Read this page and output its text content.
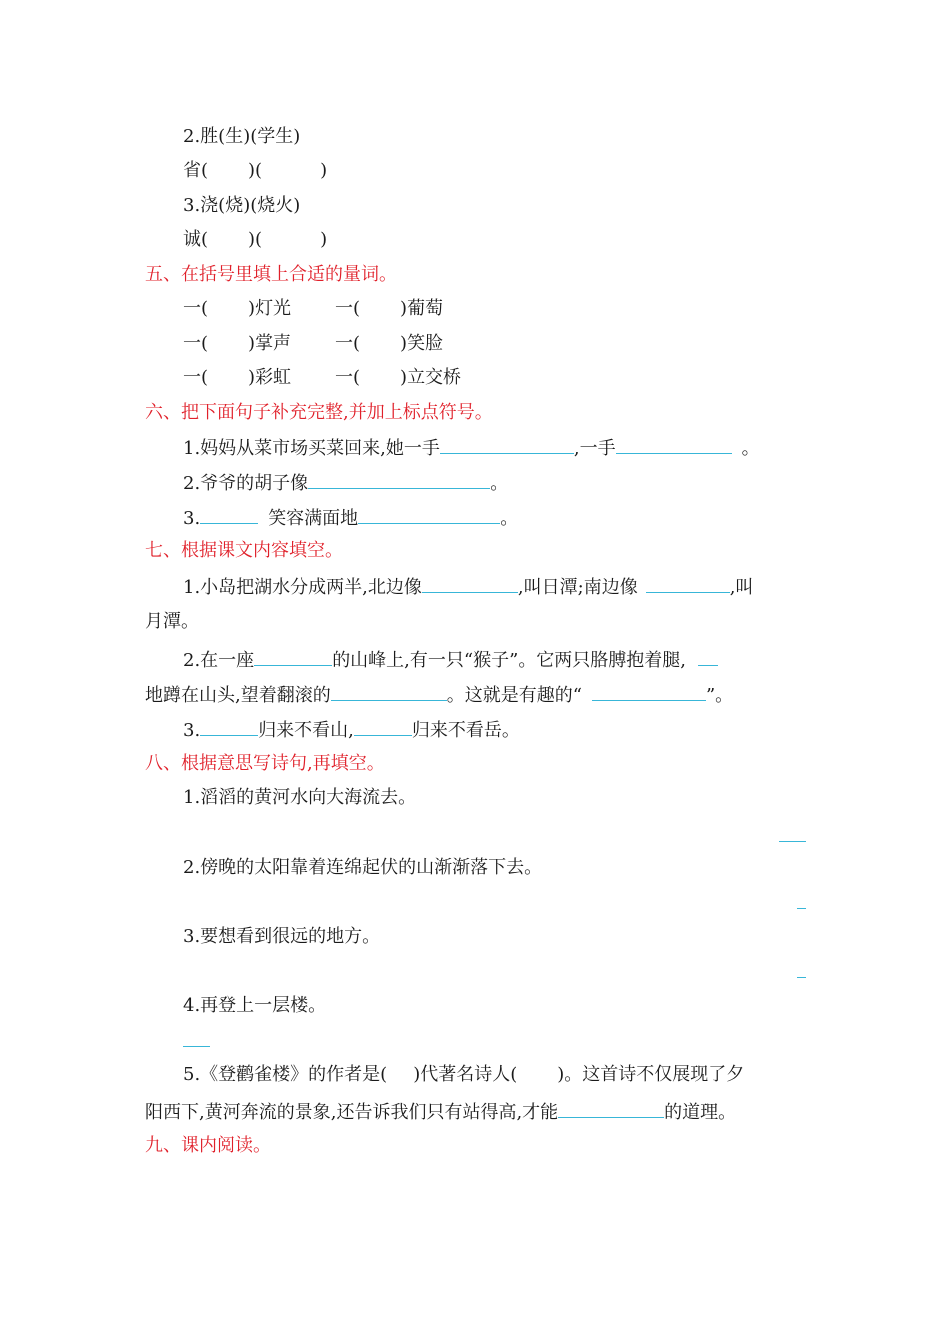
2.胜(生)(学生)
省( )(	)
3.浇(烧)(烧火)
诚( )(	)
五、在括号里填上合适的量词。
一( )灯光 一( )葡萄
一( )掌声 一( )笑脸
一( )彩虹 一( )立交桥
六、把下面句子补充完整,并加上标点符号。
1.妈妈从菜市场买菜回来,她一手	,一手	。
2.爷爷的胡子像	。
3.	笑容满面地	。
七、根据课文内容填空。
1.小岛把湖水分成两半,北边像	,叫日潭;南边像	,叫
月潭。
2.在一座	的山峰上,有一只“猴子”。它两只胳膊抱着腿,
地蹲在山头,望着翻滚的	。这就是有趣的“	”。
3.	归来不看山,	归来不看岳。
八、根据意思写诗句,再填空。
1.滔滔的黄河水向大海流去。
2.傍晚的太阳靠着连绵起伏的山渐渐落下去。
3.要想看到很远的地方。
4.再登上一层楼。
5.《登鹳雀楼》的作者是( )代著名诗人( )。这首诗不仅展现了夕
阳西下,黄河奔流的景象,还告诉我们只有站得高,才能	的道理。
九、课内阅读。
